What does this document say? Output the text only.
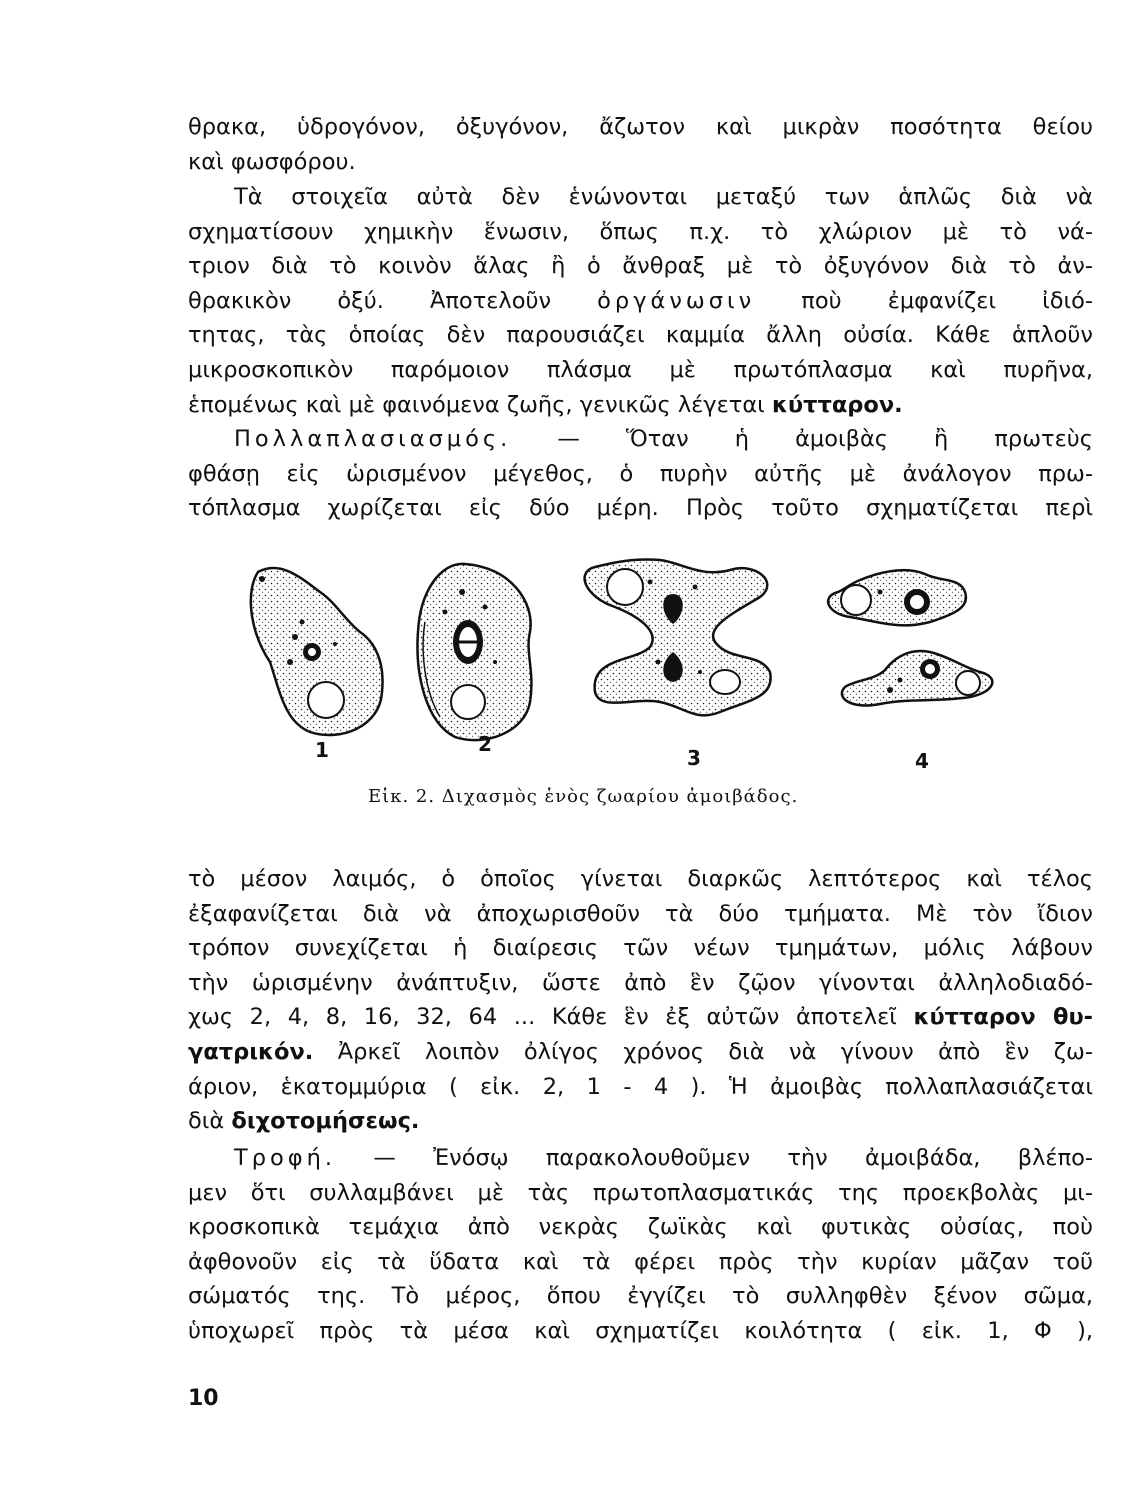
θρακα, ὑδρογόνον, ὀξυγόνον, ἄζωτον καὶ μικρὰν ποσότητα θείου
καὶ φωσφόρου.
Τὰ στοιχεῖα αὐτὰ δὲν ἑνώνονται μεταξύ των ἁπλῶς διὰ νὰ
σχηματίσουν χημικὴν ἕνωσιν, ὅπως π.χ. τὸ χλώριον μὲ τὸ νά-
τριον διὰ τὸ κοινὸν ἅλας ἢ ὁ ἄνθραξ μὲ τὸ ὀξυγόνον διὰ τὸ ἀν-
θρακικὸν ὀξύ. Ἀποτελοῦν ὀργάνωσιν ποὺ ἐμφανίζει ἰδιό-
τητας, τὰς ὁποίας δὲν παρουσιάζει καμμία ἄλλη οὐσία. Κάθε ἁπλοῦν
μικροσκοπικὸν παρόμοιον πλάσμα μὲ πρωτόπλασμα καὶ πυρῆνα,
ἑπομένως καὶ μὲ φαινόμενα ζωῆς, γενικῶς λέγεται κύτταρον.
Πολλαπλασιασμός. — Ὅταν ἡ ἀμοιβὰς ἢ πρωτεὺς
φθάσῃ εἰς ὡρισμένον μέγεθος, ὁ πυρὴν αὐτῆς μὲ ἀνάλογον πρω-
τόπλασμα χωρίζεται εἰς δύο μέρη. Πρὸς τοῦτο σχηματίζεται περὶ
1	2
3	4
Εἰκ. 2. Διχασμὸς ἑνὸς ζωαρίου ἀμοιβάδος.
τὸ μέσον λαιμός, ὁ ὁποῖος γίνεται διαρκῶς λεπτότερος καὶ τέλος
ἐξαφανίζεται διὰ νὰ ἀποχωρισθοῦν τὰ δύο τμήματα. Μὲ τὸν ἴδιον
τρόπον συνεχίζεται ἡ διαίρεσις τῶν νέων τμημάτων, μόλις λάβουν
τὴν ὡρισμένην ἀνάπτυξιν, ὥστε ἀπὸ ἓν ζῷον γίνονται ἀλληλοδιαδό-
χως 2, 4, 8, 16, 32, 64 ... Κάθε ἓν ἐξ αὐτῶν ἀποτελεῖ κύτταρον θυ-
γατρικόν. Ἀρκεῖ λοιπὸν ὀλίγος χρόνος διὰ νὰ γίνουν ἀπὸ ἓν ζω-
άριον, ἑκατομμύρια ( εἰκ. 2, 1 - 4 ). Ἡ ἀμοιβὰς πολλαπλασιάζεται
διὰ διχοτομήσεως.
Τροφή. — Ἐνόσῳ παρακολουθοῦμεν τὴν ἀμοιβάδα, βλέπο-
μεν ὅτι συλλαμβάνει μὲ τὰς πρωτοπλασματικάς της προεκβολὰς μι-
κροσκοπικὰ τεμάχια ἀπὸ νεκρὰς ζωϊκὰς καὶ φυτικὰς οὐσίας, ποὺ
ἀφθονοῦν εἰς τὰ ὕδατα καὶ τὰ φέρει πρὸς τὴν κυρίαν μᾶζαν τοῦ
σώματός της. Τὸ μέρος, ὅπου ἐγγίζει τὸ συλληφθὲν ξένον σῶμα,
ὑποχωρεῖ πρὸς τὰ μέσα καὶ σχηματίζει κοιλότητα ( εἰκ. 1, Φ ),
10
